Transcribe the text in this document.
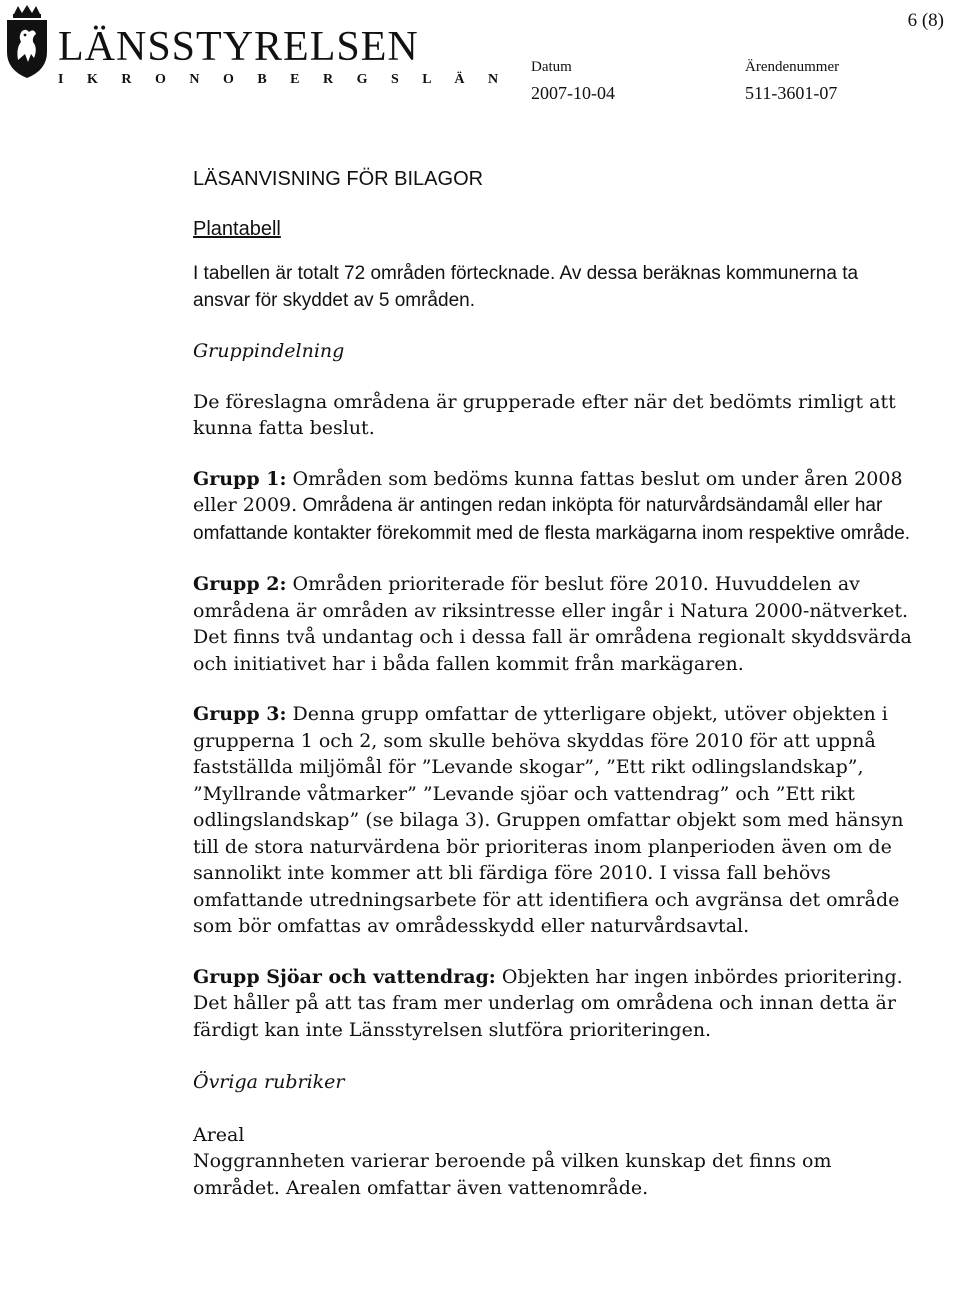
LÄNSSTYRELSEN
I K R O N O B E R G S L Ä N
Datum
2007-10-04
Ärendenummer
511-3601-07
6 (8)
LÄSANVISNING FÖR BILAGOR
Plantabell

I tabellen är totalt 72 områden förtecknade. Av dessa beräknas kommunerna ta ansvar för skyddet av 5 områden.

Gruppindelning

De föreslagna områdena är grupperade efter när det bedömts rimligt att kunna fatta beslut.

Grupp 1: Områden som bedöms kunna fattas beslut om under åren 2008 eller 2009. Områdena är antingen redan inköpta för naturvårdsändamål eller har omfattande kontakter förekommit med de flesta markägarna inom respektive område.

Grupp 2: Områden prioriterade för beslut före 2010. Huvuddelen av områdena är områden av riksintresse eller ingår i Natura 2000-nätverket. Det finns två undantag och i dessa fall är områdena regionalt skyddsvärda och initiativet har i båda fallen kommit från markägaren.

Grupp 3: Denna grupp omfattar de ytterligare objekt, utöver objekten i grupperna 1 och 2, som skulle behöva skyddas före 2010 för att uppnå fastställda miljömål för ”Levande skogar”, ”Ett rikt odlingslandskap”, ”Myllrande våtmarker” ”Levande sjöar och vattendrag” och ”Ett rikt odlingslandskap” (se bilaga 3). Gruppen omfattar objekt som med hänsyn till de stora naturvärdena bör prioriteras inom planperioden även om de sannolikt inte kommer att bli färdiga före 2010. I vissa fall behövs omfattande utredningsarbete för att identifiera och avgränsa det område som bör omfattas av områdesskydd eller naturvårdsavtal.

Grupp Sjöar och vattendrag: Objekten har ingen inbördes prioritering. Det håller på att tas fram mer underlag om områdena och innan detta är färdigt kan inte Länsstyrelsen slutföra prioriteringen.

Övriga rubriker
Areal

Noggrannheten varierar beroende på vilken kunskap det finns om området. Arealen omfattar även vattenområde.
